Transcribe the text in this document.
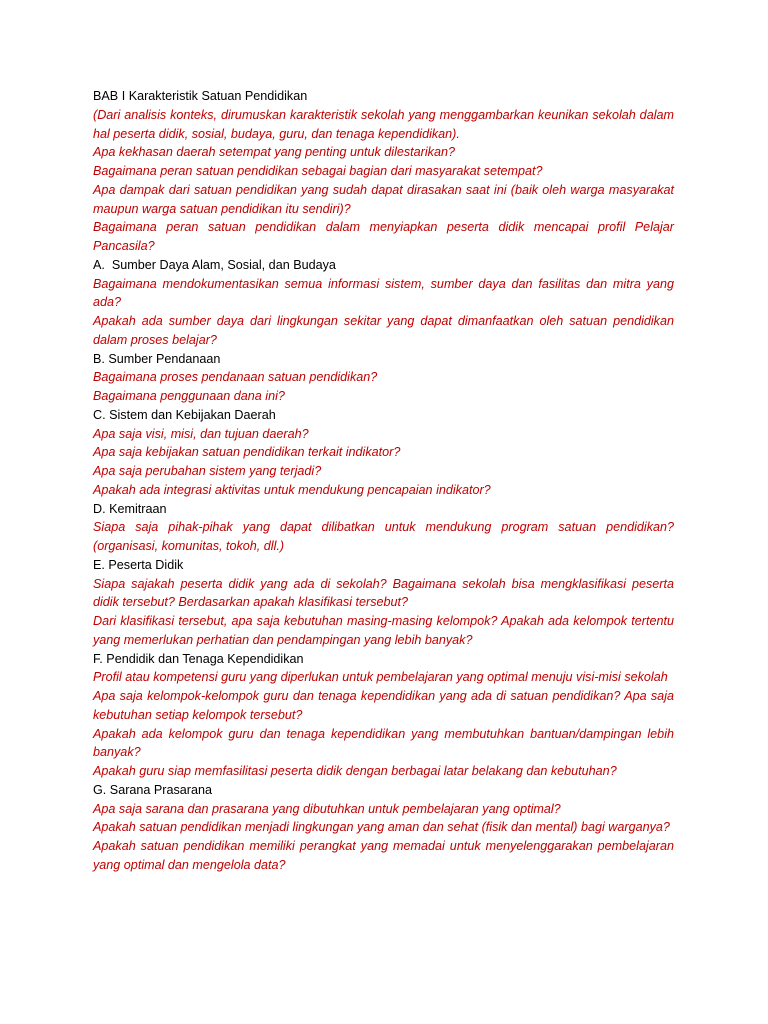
BAB I Karakteristik Satuan Pendidikan
(Dari analisis konteks, dirumuskan karakteristik sekolah yang menggambarkan keunikan sekolah dalam hal peserta didik, sosial, budaya, guru, dan tenaga kependidikan).
Apa kekhasan daerah setempat yang penting untuk dilestarikan?
Bagaimana peran satuan pendidikan sebagai bagian dari masyarakat setempat?
Apa dampak dari satuan pendidikan yang sudah dapat dirasakan saat ini (baik oleh warga masyarakat maupun warga satuan pendidikan itu sendiri)?
Bagaimana peran satuan pendidikan dalam menyiapkan peserta didik mencapai profil Pelajar Pancasila?
A.  Sumber Daya Alam, Sosial, dan Budaya
Bagaimana mendokumentasikan semua informasi sistem, sumber daya dan fasilitas dan mitra yang ada?
Apakah ada sumber daya dari lingkungan sekitar yang dapat dimanfaatkan oleh satuan pendidikan dalam proses belajar?
B. Sumber Pendanaan
Bagaimana proses pendanaan satuan pendidikan?
Bagaimana penggunaan dana ini?
C. Sistem dan Kebijakan Daerah
Apa saja visi, misi, dan tujuan daerah?
Apa saja kebijakan satuan pendidikan terkait indikator?
Apa saja perubahan sistem yang terjadi?
Apakah ada integrasi aktivitas untuk mendukung pencapaian indikator?
D. Kemitraan
Siapa saja pihak-pihak yang dapat dilibatkan untuk mendukung program satuan pendidikan? (organisasi, komunitas, tokoh, dll.)
E. Peserta Didik
Siapa sajakah peserta didik yang ada di sekolah? Bagaimana sekolah bisa mengklasifikasi peserta didik tersebut? Berdasarkan apakah klasifikasi tersebut?
Dari klasifikasi tersebut, apa saja kebutuhan masing-masing kelompok? Apakah ada kelompok tertentu yang memerlukan perhatian dan pendampingan yang lebih banyak?
F. Pendidik dan Tenaga Kependidikan
Profil atau kompetensi guru yang diperlukan untuk pembelajaran yang optimal menuju visi-misi sekolah
Apa saja kelompok-kelompok guru dan tenaga kependidikan yang ada di satuan pendidikan? Apa saja kebutuhan setiap kelompok tersebut?
Apakah ada kelompok guru dan tenaga kependidikan yang membutuhkan bantuan/dampingan lebih banyak?
Apakah guru siap memfasilitasi peserta didik dengan berbagai latar belakang dan kebutuhan?
G. Sarana Prasarana
Apa saja sarana dan prasarana yang dibutuhkan untuk pembelajaran yang optimal?
Apakah satuan pendidikan menjadi lingkungan yang aman dan sehat (fisik dan mental) bagi warganya?
Apakah satuan pendidikan memiliki perangkat yang memadai untuk menyelenggarakan pembelajaran yang optimal dan mengelola data?
